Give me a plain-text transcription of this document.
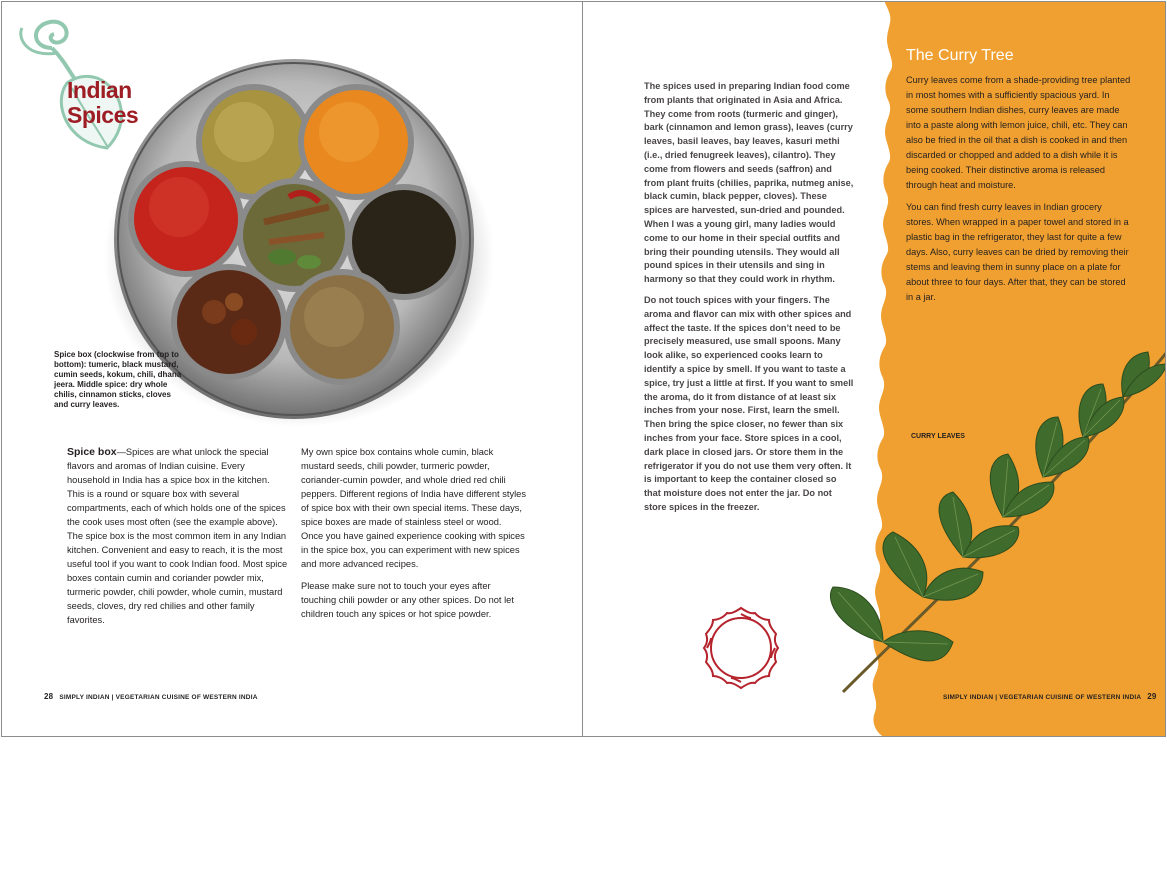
Indian
Spices
Spice box (clockwise from top to bottom): tumeric, black mustard, cumin seeds, kokum, chili, dhana jeera. Middle spice: dry whole chilis, cinnamon sticks, cloves and curry leaves.

Spice box—Spices are what unlock the special flavors and aromas of Indian cuisine. Every household in India has a spice box in the kitchen. This is a round or square box with several compartments, each of which holds one of the spices the cook uses most often (see the example above). The spice box is the most common item in any Indian kitchen. Convenient and easy to reach, it is the most useful tool if you want to cook Indian food. Most spice boxes contain cumin and coriander powder mix, turmeric powder, chili powder, whole cumin, mustard seeds, cloves, dry red chilies and other family favorites.

My own spice box contains whole cumin, black mustard seeds, chili powder, turmeric powder, coriander-cumin powder, and whole dried red chili peppers. Different regions of India have different styles of spice box with their own special items. These days, spice boxes are made of stainless steel or wood. Once you have gained experience cooking with spices in the spice box, you can experiment with new spices and more advanced recipes.

Please make sure not to touch your eyes after touching chili powder or any other spices. Do not let children touch any spices or hot spice powder.

28 SIMPLY INDIAN | VEGETARIAN CUISINE OF WESTERN INDIA

The spices used in preparing Indian food come from plants that originated in Asia and Africa. They come from roots (turmeric and ginger), bark (cinnamon and lemon grass), leaves (curry leaves, basil leaves, bay leaves, kasuri methi (i.e., dried fenugreek leaves), cilantro). They come from flowers and seeds (saffron) and from plant fruits (chilies, paprika, nutmeg anise, black cumin, black pepper, cloves). These spices are harvested, sun-dried and pounded. When I was a young girl, many ladies would come to our home in their special outfits and bring their pounding utensils. They would all pound spices in their utensils and sing in harmony so that they could work in rhythm.

Do not touch spices with your fingers. The aroma and flavor can mix with other spices and affect the taste. If the spices don’t need to be precisely measured, use small spoons. Many look alike, so experienced cooks learn to identify a spice by smell. If you want to taste a spice, try just a little at first. If you want to smell the aroma, do it from distance of at least six inches from your nose. First, learn the smell. Then bring the spice closer, no fewer than six inches from your face. Store spices in a cool, dark place in closed jars. Or store them in the refrigerator if you do not use them very often. It is important to keep the container closed so that moisture does not enter the jar. Do not store spices in the freezer.

The Curry Tree

Curry leaves come from a shade-providing tree planted in most homes with a sufficiently spacious yard. In some southern Indian dishes, curry leaves are made into a paste along with lemon juice, chili, etc. They can also be fried in the oil that a dish is cooked in and then discarded or chopped and added to a dish while it is being cooked. Their distinctive aroma is released through heat and moisture.

You can find fresh curry leaves in Indian grocery stores. When wrapped in a paper towel and stored in a plastic bag in the refrigerator, they last for quite a few days. Also, curry leaves can be dried by removing their stems and leaving them in sunny place on a plate for about three to four days. After that, they can be stored in a jar.

CURRY LEAVES
SIMPLY INDIAN | VEGETARIAN CUISINE OF WESTERN INDIA 29
